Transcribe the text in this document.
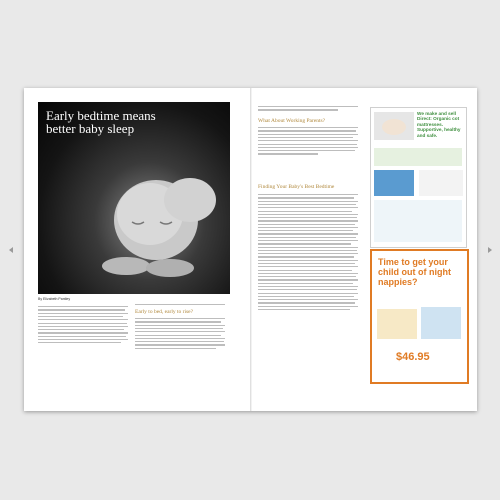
Early bedtime means better baby sleep
By Elizabeth Pantley
Early to bed, early to rise?
What About Working Parents?
Finding Your Baby's Best Bedtime
We make and sell Direct: Organic cot mattresses. Supportive, healthy and safe.
Time to get your child out of night nappies?
$46.95
